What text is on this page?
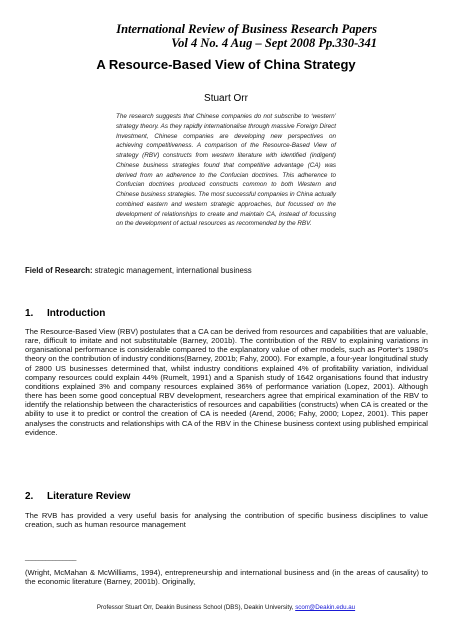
International Review of Business Research Papers
Vol 4 No. 4 Aug – Sept 2008 Pp.330-341
A Resource-Based View of China Strategy
Stuart Orr

The research suggests that Chinese companies do not subscribe to ‘western’ strategy theory. As they rapidly internationalise through massive Foreign Direct Investment, Chinese companies are developing new perspectives on achieving competitiveness. A comparison of the Resource-Based View of strategy (RBV) constructs from western literature with identified (indigent) Chinese business strategies found that competitive advantage (CA) was derived from an adherence to the Confucian doctrines. This adherence to Confucian doctrines produced constructs common to both Western and Chinese business strategies. The most successful companies in China actually combined eastern and western strategic approaches, but focussed on the development of relationships to create and maintain CA, instead of focussing on the development of actual resources as recommended by the RBV.

Field of Research: strategic management, international business
1. Introduction

The Resource-Based View (RBV) postulates that a CA can be derived from resources and capabilities that are valuable, rare, difficult to imitate and not substitutable (Barney, 2001b). The contribution of the RBV to explaining variations in organisational performance is considerable compared to the explanatory value of other models, such as Porter's 1980's theory on the contribution of industry conditions(Barney, 2001b; Fahy, 2000). For example, a four-year longitudinal study of 2800 US businesses determined that, whilst industry conditions explained 4% of profitability variation, individual company resources could explain 44% (Rumelt, 1991) and a Spanish study of 1642 organisations found that industry conditions explained 3% and company resources explained 36% of performance variation (Lopez, 2001). Although there has been some good conceptual RBV development, researchers agree that empirical examination of the RBV to identify the relationship between the characteristics of resources and capabilities (constructs) when CA is created or the ability to use it to predict or control the creation of CA is needed (Arend, 2006; Fahy, 2000; Lopez, 2001). This paper analyses the constructs and relationships with CA of the RBV in the Chinese business context using published empirical evidence.

2. Literature Review

The RVB has provided a very useful basis for analysing the contribution of specific business disciplines to value creation, such as human resource management

_______________

(Wright, McMahan & McWilliams, 1994), entrepreneurship and international business and (in the areas of causality) to the economic literature (Barney, 2001b). Originally,

Professor Stuart Orr, Deakin Business School (DBS), Deakin University, scorr@Deakin.edu.au
